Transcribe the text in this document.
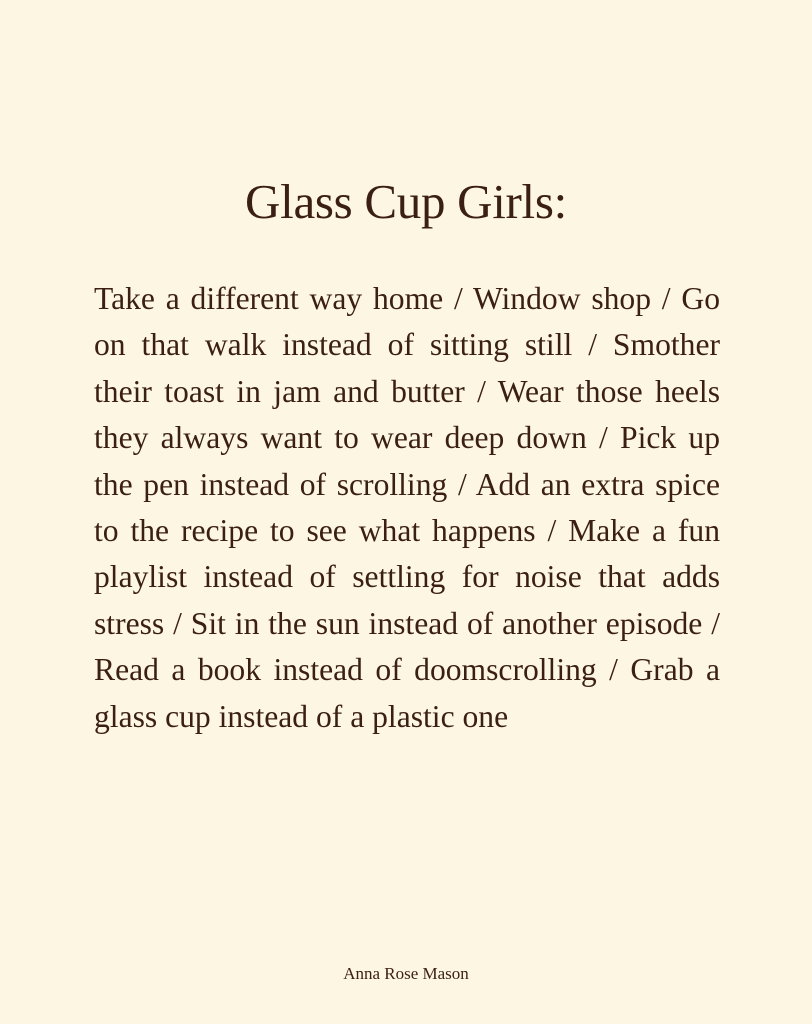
Glass Cup Girls:

Take a different way home / Window shop / Go on that walk instead of sitting still / Smother their toast in jam and butter / Wear those heels they always want to wear deep down / Pick up the pen instead of scrolling / Add an extra spice to the recipe to see what happens / Make a fun playlist instead of settling for noise that adds stress / Sit in the sun instead of another episode / Read a book instead of doomscrolling / Grab a glass cup instead of a plastic one

Anna Rose Mason
